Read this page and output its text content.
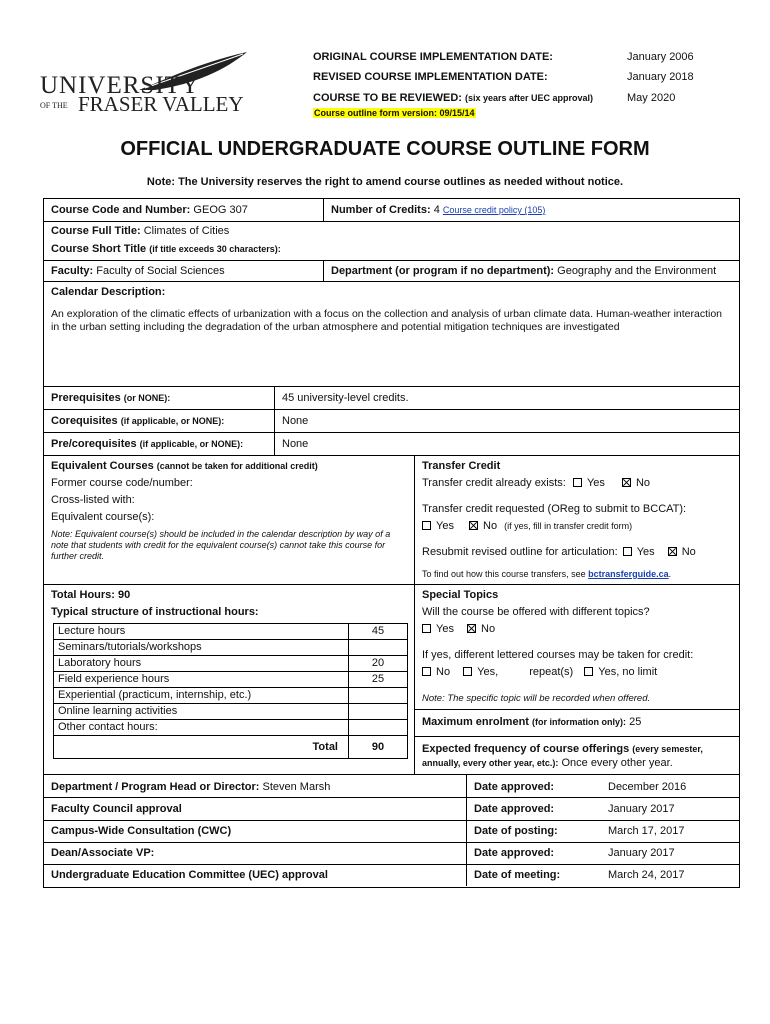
UNIVERSITY
OF THE FRASER VALLEY
ORIGINAL COURSE IMPLEMENTATION DATE:	January 2006
REVISED COURSE IMPLEMENTATION DATE:	January 2018
COURSE TO BE REVIEWED: (six years after UEC approval)	May 2020
Course outline form version: 09/15/14
OFFICIAL UNDERGRADUATE COURSE OUTLINE FORM
Note: The University reserves the right to amend course outlines as needed without notice.
Course Code and Number: GEOG 307	Number of Credits: 4 Course credit policy (105)
Course Full Title: Climates of Cities
Course Short Title (if title exceeds 30 characters):
Faculty: Faculty of Social Sciences	Department (or program if no department): Geography and the Environment
Calendar Description:
An exploration of the climatic effects of urbanization with a focus on the collection and analysis of urban climate data. Human-weather interaction in the urban setting including the degradation of the urban atmosphere and potential mitigation techniques are investigated
Prerequisites (or NONE):	45 university-level credits.
Corequisites (if applicable, or NONE):	None
Pre/corequisites (if applicable, or NONE):	None
Equivalent Courses (cannot be taken for additional credit)
Former course code/number:
Cross-listed with:
Equivalent course(s):
Note: Equivalent course(s) should be included in the calendar description by way of a note that students with credit for the equivalent course(s) cannot take this course for further credit.
Transfer Credit
Transfer credit already exists: Yes	No
Transfer credit requested (OReg to submit to BCCAT):
Yes	No (if yes, fill in transfer credit form)
Resubmit revised outline for articulation: Yes No
To find out how this course transfers, see bctransferguide.ca.
Total Hours: 90
Typical structure of instructional hours:
Lecture hours	45
Seminars/tutorials/workshops	
Laboratory hours	20
Field experience hours	25
Experiential (practicum, internship, etc.)	
Online learning activities	
Other contact hours:	
Total	90
Special Topics
Will the course be offered with different topics?
Yes No
If yes, different lettered courses may be taken for credit:
No Yes,	repeat(s) Yes, no limit
Note: The specific topic will be recorded when offered.
Maximum enrolment (for information only): 25
Expected frequency of course offerings (every semester, annually, every other year, etc.): Once every other year.
Department / Program Head or Director: Steven Marsh	Date approved:	December 2016
Faculty Council approval	Date approved:	January 2017
Campus-Wide Consultation (CWC)	Date of posting:	March 17, 2017
Dean/Associate VP:	Date approved:	January 2017
Undergraduate Education Committee (UEC) approval	Date of meeting:	March 24, 2017
